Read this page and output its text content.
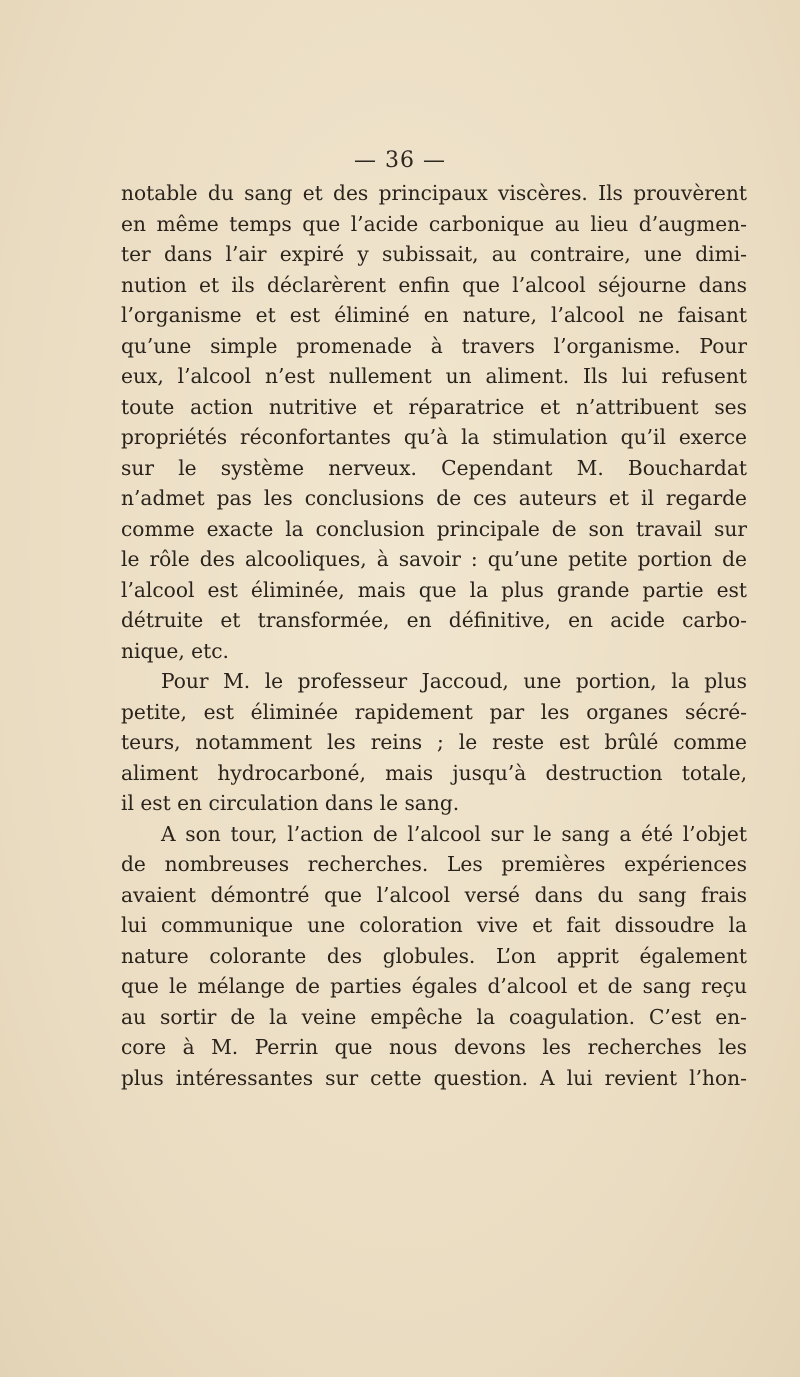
— 36 —
notable du sang et des principaux viscères. Ils prouvèrent
en même temps que l’acide carbonique au lieu d’augmen-
ter dans l’air expiré y subissait, au contraire, une dimi-
nution et ils déclarèrent enfin que l’alcool séjourne dans
l’organisme et est éliminé en nature, l’alcool ne faisant
qu’une simple promenade à travers l’organisme. Pour
eux, l’alcool n’est nullement un aliment. Ils lui refusent
toute action nutritive et réparatrice et n’attribuent ses
propriétés réconfortantes qu’à la stimulation qu’il exerce
sur le système nerveux. Cependant M. Bouchardat
n’admet pas les conclusions de ces auteurs et il regarde
comme exacte la conclusion principale de son travail sur
le rôle des alcooliques, à savoir : qu’une petite portion de
l’alcool est éliminée, mais que la plus grande partie est
détruite et transformée, en définitive, en acide carbo-
nique, etc.
Pour M. le professeur Jaccoud, une portion, la plus
petite, est éliminée rapidement par les organes sécré-
teurs, notamment les reins ; le reste est brûlé comme
aliment hydrocarboné, mais jusqu’à destruction totale,
il est en circulation dans le sang.
A son tour, l’action de l’alcool sur le sang a été l’objet
de nombreuses recherches. Les premières expériences
avaient démontré que l’alcool versé dans du sang frais
lui communique une coloration vive et fait dissoudre la
nature colorante des globules. L’on apprit également
que le mélange de parties égales d’alcool et de sang reçu
au sortir de la veine empêche la coagulation. C’est en-
core à M. Perrin que nous devons les recherches les
plus intéressantes sur cette question. A lui revient l’hon-
